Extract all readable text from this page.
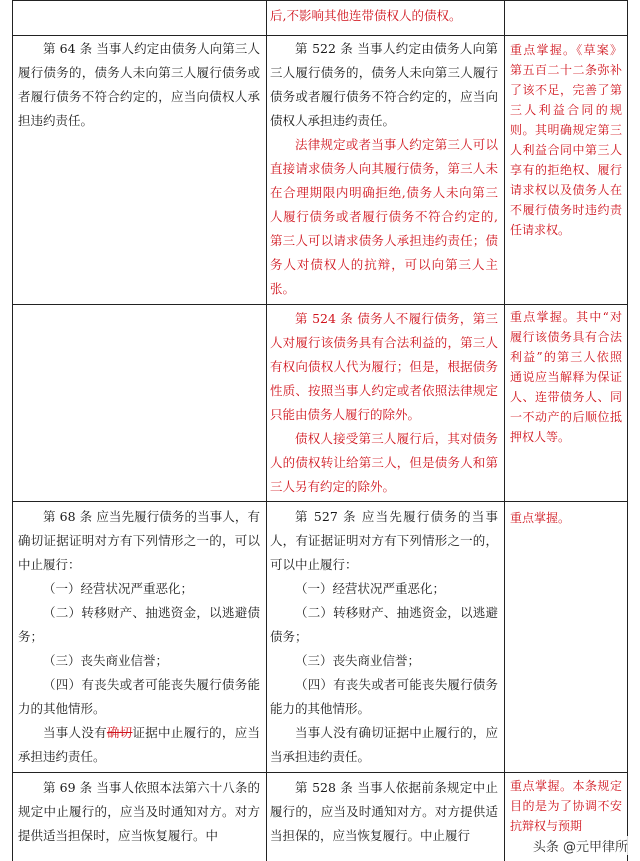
后,不影响其他连带债权人的债权。

第 64 条 当事人约定由债务人向第三人履行债务的，债务人未向第三人履行债务或者履行债务不符合约定的，应当向债权人承担违约责任。

第 522 条 当事人约定由债务人向第三人履行债务的，债务人未向第三人履行债务或者履行债务不符合约定的，应当向债权人承担违约责任。

法律规定或者当事人约定第三人可以直接请求债务人向其履行债务，第三人未在合理期限内明确拒绝,债务人未向第三人履行债务或者履行债务不符合约定的,第三人可以请求债务人承担违约责任；债务人对债权人的抗辩，可以向第三人主张。

重点掌握。《草案》第五百二十二条弥补了该不足，完善了第三人利益合同的规则。其明确规定第三人利益合同中第三人享有的拒绝权、履行请求权以及债务人在不履行债务时违约责任请求权。

第 524 条 债务人不履行债务，第三人对履行该债务具有合法利益的，第三人有权向债权人代为履行；但是，根据债务性质、按照当事人约定或者依照法律规定只能由债务人履行的除外。

债权人接受第三人履行后，其对债务人的债权转让给第三人，但是债务人和第三人另有约定的除外。

重点掌握。其中“对履行该债务具有合法利益”的第三人依照通说应当解释为保证人、连带债务人、同一不动产的后顺位抵押权人等。

第 68 条 应当先履行债务的当事人，有确切证据证明对方有下列情形之一的，可以中止履行：

（一）经营状况严重恶化；

（二）转移财产、抽逃资金，以逃避债务；

（三）丧失商业信誉；

（四）有丧失或者可能丧失履行债务能力的其他情形。

当事人没有确切证据中止履行的，应当承担违约责任。

第 527 条 应当先履行债务的当事人，有证据证明对方有下列情形之一的，可以中止履行：

（一）经营状况严重恶化；

（二）转移财产、抽逃资金，以逃避债务；

（三）丧失商业信誉；

（四）有丧失或者可能丧失履行债务能力的其他情形。

当事人没有确切证据中止履行的，应当承担违约责任。

重点掌握。

第 69 条 当事人依照本法第六十八条的规定中止履行的，应当及时通知对方。对方提供适当担保时，应当恢复履行。中

第 528 条 当事人依据前条规定中止履行的，应当及时通知对方。对方提供适当担保的，应当恢复履行。中止履行

重点掌握。本条规定目的是为了协调不安抗辩权与预期

头条 @元甲律所
